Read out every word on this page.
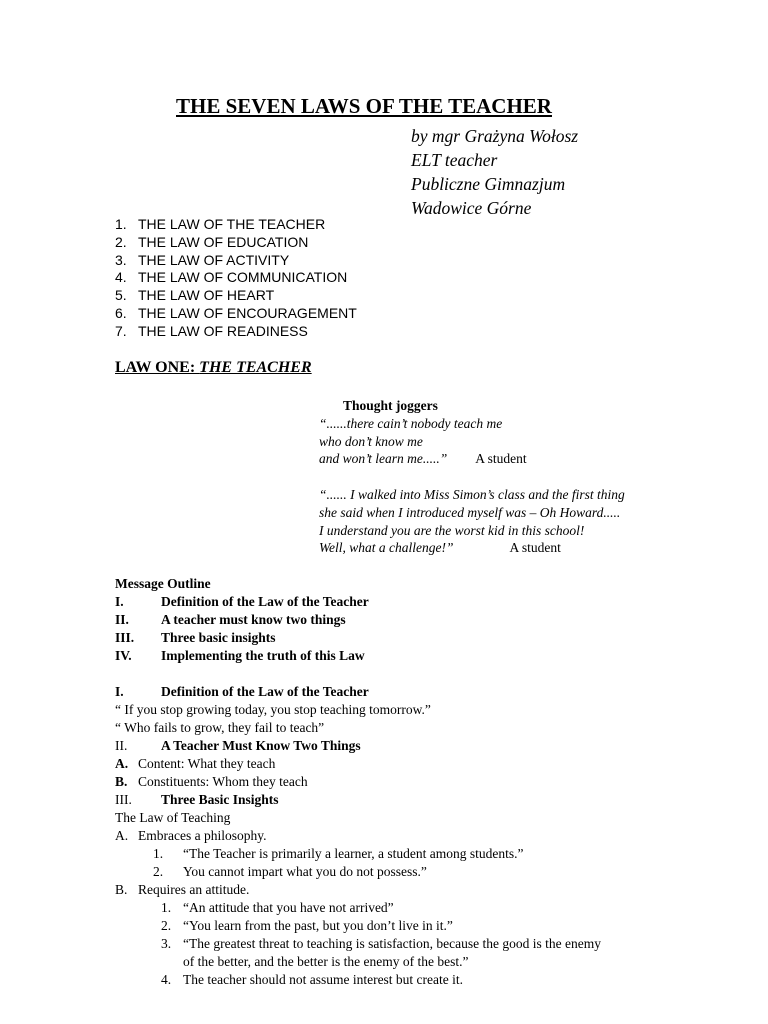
THE SEVEN LAWS OF THE TEACHER
by mgr Grażyna Wołosz
ELT teacher
Publiczne Gimnazjum
Wadowice Górne
1. THE LAW OF THE TEACHER
2. THE LAW OF EDUCATION
3. THE LAW OF ACTIVITY
4. THE LAW OF COMMUNICATION
5. THE LAW OF HEART
6. THE LAW OF ENCOURAGEMENT
7. THE LAW OF READINESS
LAW ONE: THE TEACHER
Thought joggers
“......there cain’t nobody teach me
who don’t know me
and won’t learn me.....” A student
“...... I walked into Miss Simon’s class and the first thing
she said when I introduced myself was – Oh Howard.....
I understand you are the worst kid in this school!
Well, what a challenge!”	A student
Message Outline
I.	Definition of the Law of the Teacher
II. A teacher must know two things
III. Three basic insights
IV. Implementing the truth of this Law
I.	Definition of the Law of the Teacher
“ If you stop growing today, you stop teaching tomorrow.”
“ Who fails to grow, they fail to teach”
II. A Teacher Must Know Two Things
A. Content: What they teach
B. Constituents: Whom they teach
III. Three Basic Insights
The Law of Teaching
A. Embraces a philosophy.
1. “The Teacher is primarily a learner, a student among students.”
2. You cannot impart what you do not possess.”
B. Requires an attitude.
1. “An attitude that you have not arrived”
2. “You learn from the past, but you don’t live in it.”
3. “The greatest threat to teaching is satisfaction, because the good is the enemy
of the better, and the better is the enemy of the best.”
4. The teacher should not assume interest but create it.
